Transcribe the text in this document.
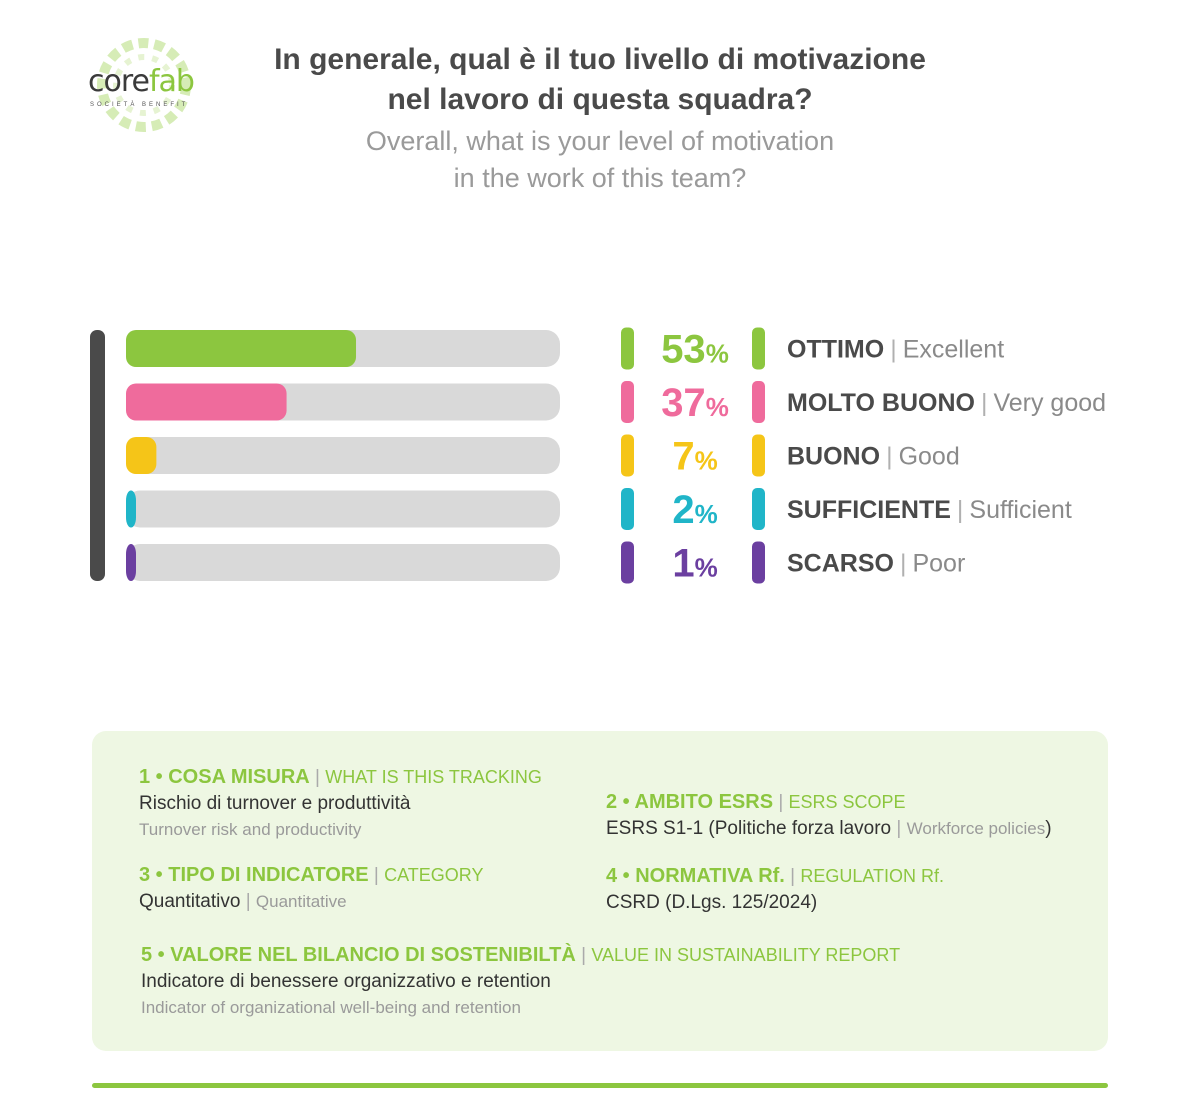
corefab
SOCIETÀ BENEFIT
In generale, qual è il tuo livello di motivazione
nel lavoro di questa squadra?
Overall, what is your level of motivation
in the work of this team?
53% OTTIMO | Excellent
37% MOLTO BUONO | Very good
7%	BUONO | Good
2%	SUFFICIENTE | Sufficient
1%	SCARSO | Poor
1 • COSA MISURA | WHAT IS THIS TRACKING
Rischio di turnover e produttività
Turnover risk and productivity
2 • AMBITO ESRS | ESRS SCOPE
ESRS S1-1 (Politiche forza lavoro | Workforce policies)
3 • TIPO DI INDICATORE | CATEGORY
Quantitativo | Quantitative
4 • NORMATIVA Rf. | REGULATION Rf.
CSRD (D.Lgs. 125/2024)
5 • VALORE NEL BILANCIO DI SOSTENIBILTÀ | VALUE IN SUSTAINABILITY REPORT
Indicatore di benessere organizzativo e retention
Indicator of organizational well-being and retention
